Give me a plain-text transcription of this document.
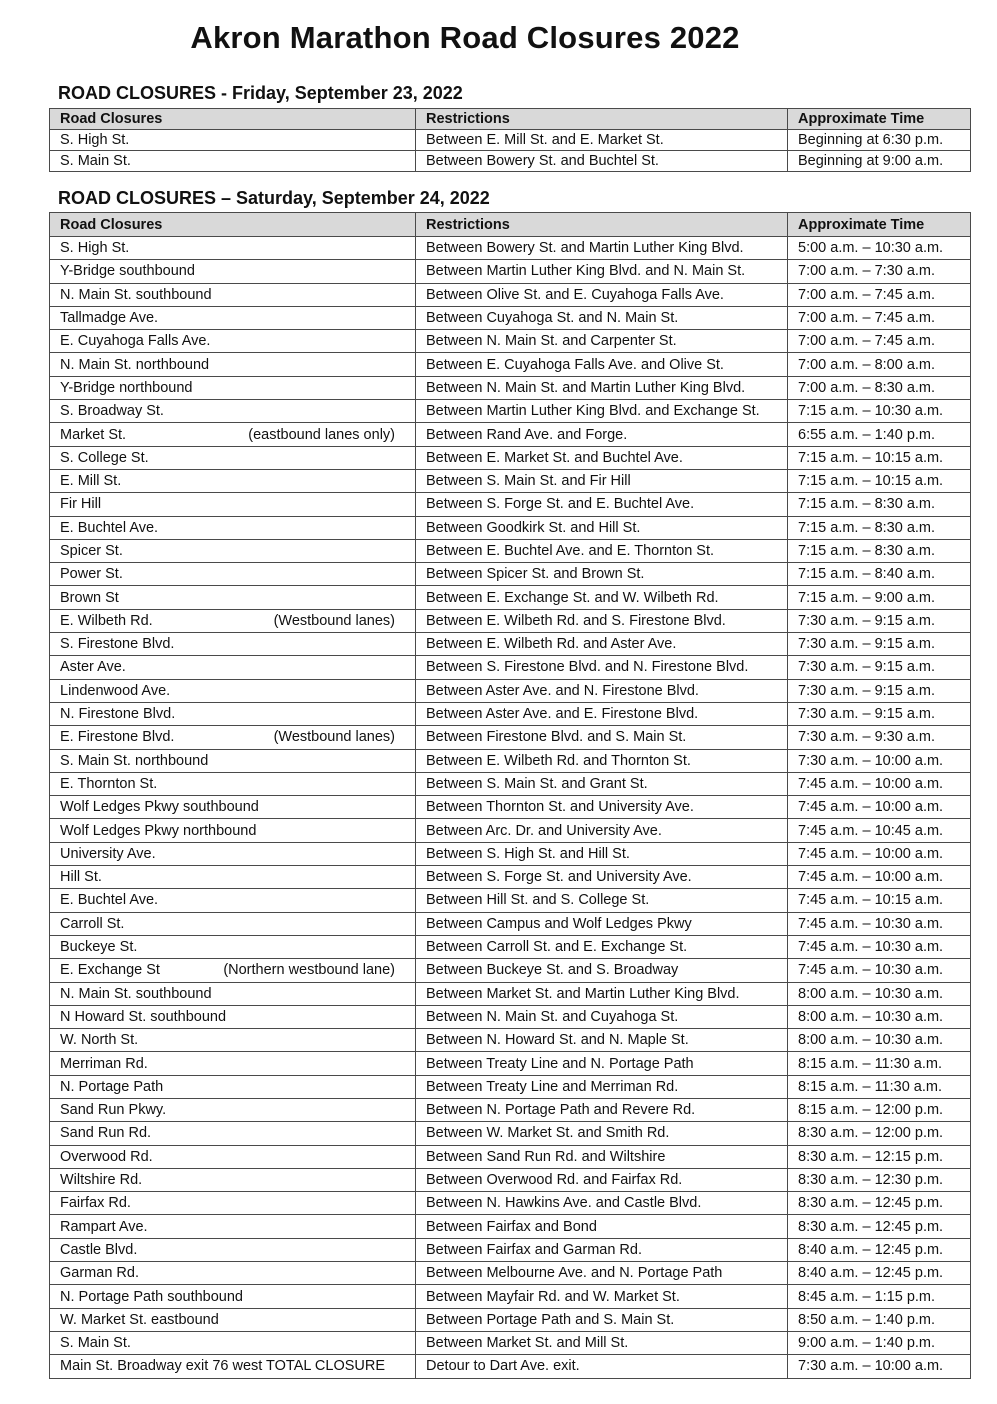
Akron Marathon Road Closures 2022
ROAD CLOSURES - Friday, September 23, 2022
Road Closures	Restrictions	Approximate Time

S. High St.	Between E. Mill St. and E. Market St.	Beginning at 6:30 p.m.

S. Main St.	Between Bowery St. and Buchtel St.	Beginning at 9:00 a.m.
ROAD CLOSURES – Saturday, September 24, 2022
Road Closures	Restrictions	Approximate Time

S. High St.	Between Bowery St. and Martin Luther King Blvd.	5:00 a.m. – 10:30 a.m.

Y-Bridge southbound	Between Martin Luther King Blvd. and N. Main St.	7:00 a.m. – 7:30 a.m.

N. Main St. southbound	Between Olive St. and E. Cuyahoga Falls Ave.	7:00 a.m. – 7:45 a.m.

Tallmadge Ave.	Between Cuyahoga St. and N. Main St.	7:00 a.m. – 7:45 a.m.

E. Cuyahoga Falls Ave.	Between N. Main St. and Carpenter St.	7:00 a.m. – 7:45 a.m.

N. Main St. northbound	Between E. Cuyahoga Falls Ave. and Olive St.	7:00 a.m. – 8:00 a.m.

Y-Bridge northbound	Between N. Main St. and Martin Luther King Blvd.	7:00 a.m. – 8:30 a.m.

S. Broadway St.	Between Martin Luther King Blvd. and Exchange St.	7:15 a.m. – 10:30 a.m.

Market St. (eastbound lanes only)	Between Rand Ave. and Forge.	6:55 a.m. – 1:40 p.m.

S. College St.	Between E. Market St. and Buchtel Ave.	7:15 a.m. – 10:15 a.m.

E. Mill St.	Between S. Main St. and Fir Hill	7:15 a.m. – 10:15 a.m.

Fir Hill	Between S. Forge St. and E. Buchtel Ave.	7:15 a.m. – 8:30 a.m.

E. Buchtel Ave.	Between Goodkirk St. and Hill St.	7:15 a.m. – 8:30 a.m.

Spicer St.	Between E. Buchtel Ave. and E. Thornton St.	7:15 a.m. – 8:30 a.m.

Power St.	Between Spicer St. and Brown St.	7:15 a.m. – 8:40 a.m.

Brown St	Between E. Exchange St. and W. Wilbeth Rd.	7:15 a.m. – 9:00 a.m.

E. Wilbeth Rd. (Westbound lanes)	Between E. Wilbeth Rd. and S. Firestone Blvd.	7:30 a.m. – 9:15 a.m.

S. Firestone Blvd.	Between E. Wilbeth Rd. and Aster Ave.	7:30 a.m. – 9:15 a.m.

Aster Ave.	Between S. Firestone Blvd. and N. Firestone Blvd.	7:30 a.m. – 9:15 a.m.

Lindenwood Ave.	Between Aster Ave. and N. Firestone Blvd.	7:30 a.m. – 9:15 a.m.

N. Firestone Blvd.	Between Aster Ave. and E. Firestone Blvd.	7:30 a.m. – 9:15 a.m.

E. Firestone Blvd. (Westbound lanes)	Between Firestone Blvd. and S. Main St.	7:30 a.m. – 9:30 a.m.

S. Main St. northbound	Between E. Wilbeth Rd. and Thornton St.	7:30 a.m. – 10:00 a.m.

E. Thornton St.	Between S. Main St. and Grant St.	7:45 a.m. – 10:00 a.m.

Wolf Ledges Pkwy southbound	Between Thornton St. and University Ave.	7:45 a.m. – 10:00 a.m.

Wolf Ledges Pkwy northbound	Between Arc. Dr. and University Ave.	7:45 a.m. – 10:45 a.m.

University Ave.	Between S. High St. and Hill St.	7:45 a.m. – 10:00 a.m.

Hill St.	Between S. Forge St. and University Ave.	7:45 a.m. – 10:00 a.m.

E. Buchtel Ave.	Between Hill St. and S. College St.	7:45 a.m. – 10:15 a.m.

Carroll St.	Between Campus and Wolf Ledges Pkwy	7:45 a.m. – 10:30 a.m.

Buckeye St.	Between Carroll St. and E. Exchange St.	7:45 a.m. – 10:30 a.m.

E. Exchange St (Northern westbound lane)	Between Buckeye St. and S. Broadway	7:45 a.m. – 10:30 a.m.

N. Main St. southbound	Between Market St. and Martin Luther King Blvd.	8:00 a.m. – 10:30 a.m.

N Howard St. southbound	Between N. Main St. and Cuyahoga St.	8:00 a.m. – 10:30 a.m.

W. North St.	Between N. Howard St. and N. Maple St.	8:00 a.m. – 10:30 a.m.

Merriman Rd.	Between Treaty Line and N. Portage Path	8:15 a.m. – 11:30 a.m.

N. Portage Path	Between Treaty Line and Merriman Rd.	8:15 a.m. – 11:30 a.m.

Sand Run Pkwy.	Between N. Portage Path and Revere Rd.	8:15 a.m. – 12:00 p.m.

Sand Run Rd.	Between W. Market St. and Smith Rd.	8:30 a.m. – 12:00 p.m.

Overwood Rd.	Between Sand Run Rd. and Wiltshire	8:30 a.m. – 12:15 p.m.

Wiltshire Rd.	Between Overwood Rd. and Fairfax Rd.	8:30 a.m. – 12:30 p.m.

Fairfax Rd.	Between N. Hawkins Ave. and Castle Blvd.	8:30 a.m. – 12:45 p.m.

Rampart Ave.	Between Fairfax and Bond	8:30 a.m. – 12:45 p.m.

Castle Blvd.	Between Fairfax and Garman Rd.	8:40 a.m. – 12:45 p.m.

Garman Rd.	Between Melbourne Ave. and N. Portage Path	8:40 a.m. – 12:45 p.m.

N. Portage Path southbound	Between Mayfair Rd. and W. Market St.	8:45 a.m. – 1:15 p.m.

W. Market St. eastbound	Between Portage Path and S. Main St.	8:50 a.m. – 1:40 p.m.

S. Main St.	Between Market St. and Mill St.	9:00 a.m. – 1:40 p.m.

Main St. Broadway exit 76 west TOTAL CLOSURE	Detour to Dart Ave. exit.	7:30 a.m. – 10:00 a.m.
